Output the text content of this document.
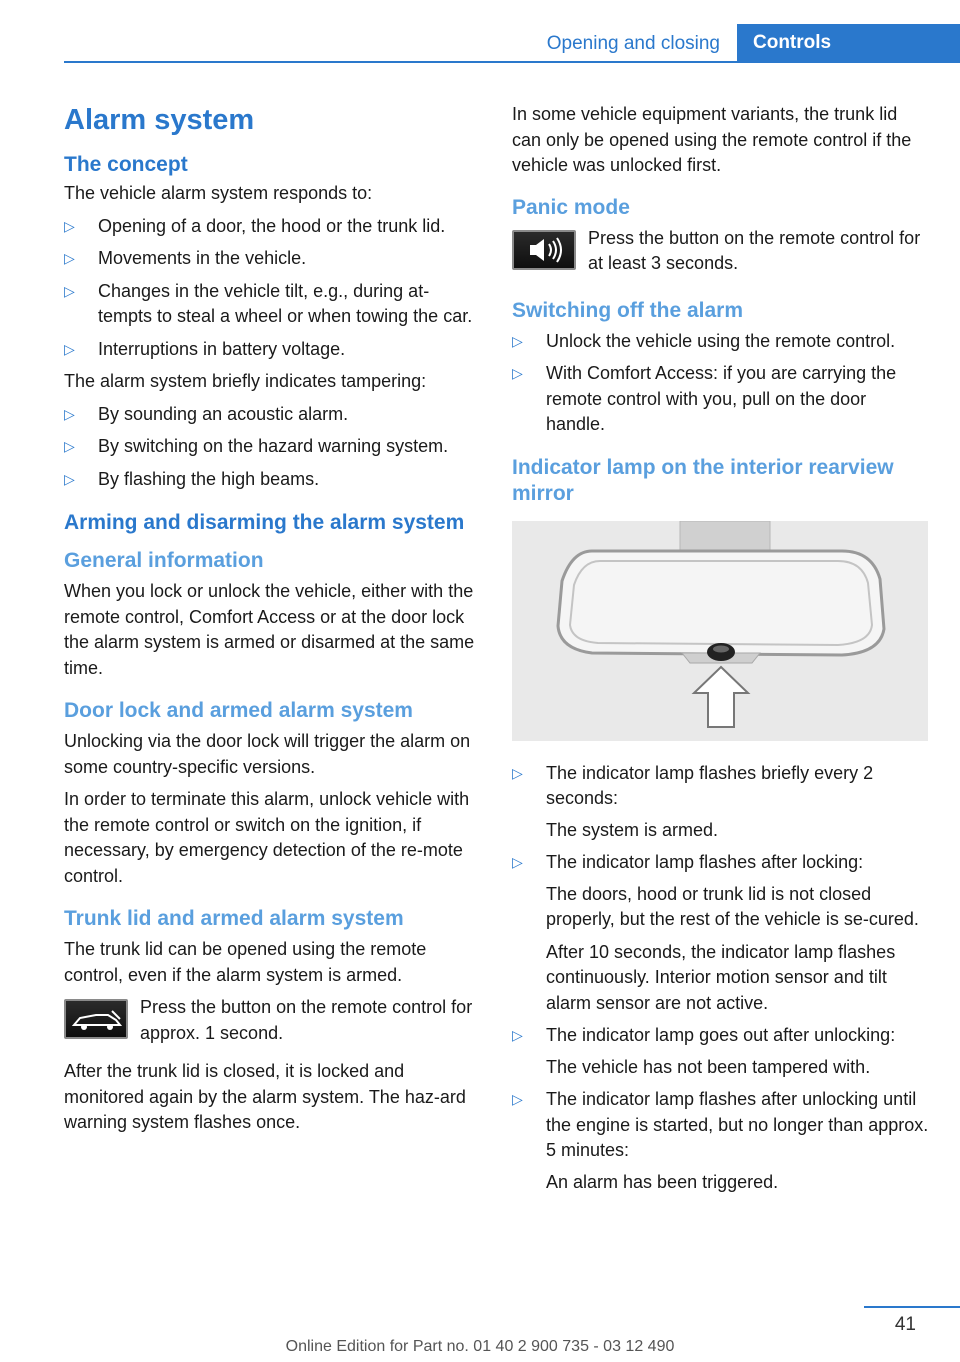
Opening and closing	Controls
Alarm system
The concept

The vehicle alarm system responds to:

▷	Opening of a door, the hood or the trunk lid.
▷	Movements in the vehicle.
▷	Changes in the vehicle tilt, e.g., during at‐tempts to steal a wheel or when towing the car.
▷	Interruptions in battery voltage.

The alarm system briefly indicates tampering:

▷	By sounding an acoustic alarm.
▷	By switching on the hazard warning system.
▷	By flashing the high beams.
Arming and disarming the alarm system
General information

When you lock or unlock the vehicle, either with the remote control, Comfort Access or at the door lock the alarm system is armed or disarmed at the same time.

Door lock and armed alarm system

Unlocking via the door lock will trigger the alarm on some country-specific versions.

In order to terminate this alarm, unlock vehicle with the remote control or switch on the ignition, if necessary, by emergency detection of the re‐mote control.

Trunk lid and armed alarm system

The trunk lid can be opened using the remote control, even if the alarm system is armed.

Press the button on the remote control for approx. 1 second.

After the trunk lid is closed, it is locked and monitored again by the alarm system. The haz‐ard warning system flashes once.

In some vehicle equipment variants, the trunk lid can only be opened using the remote control if the vehicle was unlocked first.

Panic mode

Press the button on the remote control for at least 3 seconds.

Switching off the alarm
▷	Unlock the vehicle using the remote control.
▷	With Comfort Access: if you are carrying the remote control with you, pull on the door handle.
Indicator lamp on the interior rearview mirror
▷	The indicator lamp flashes briefly every 2 seconds:

The system is armed.

▷	The indicator lamp flashes after locking:

The doors, hood or trunk lid is not closed properly, but the rest of the vehicle is se‐cured.

After 10 seconds, the indicator lamp flashes continuously. Interior motion sensor and tilt alarm sensor are not active.

▷	The indicator lamp goes out after unlocking:

The vehicle has not been tampered with.

▷	The indicator lamp flashes after unlocking until the engine is started, but no longer than approx. 5 minutes:

An alarm has been triggered.

41
Online Edition for Part no. 01 40 2 900 735 - 03 12 490
